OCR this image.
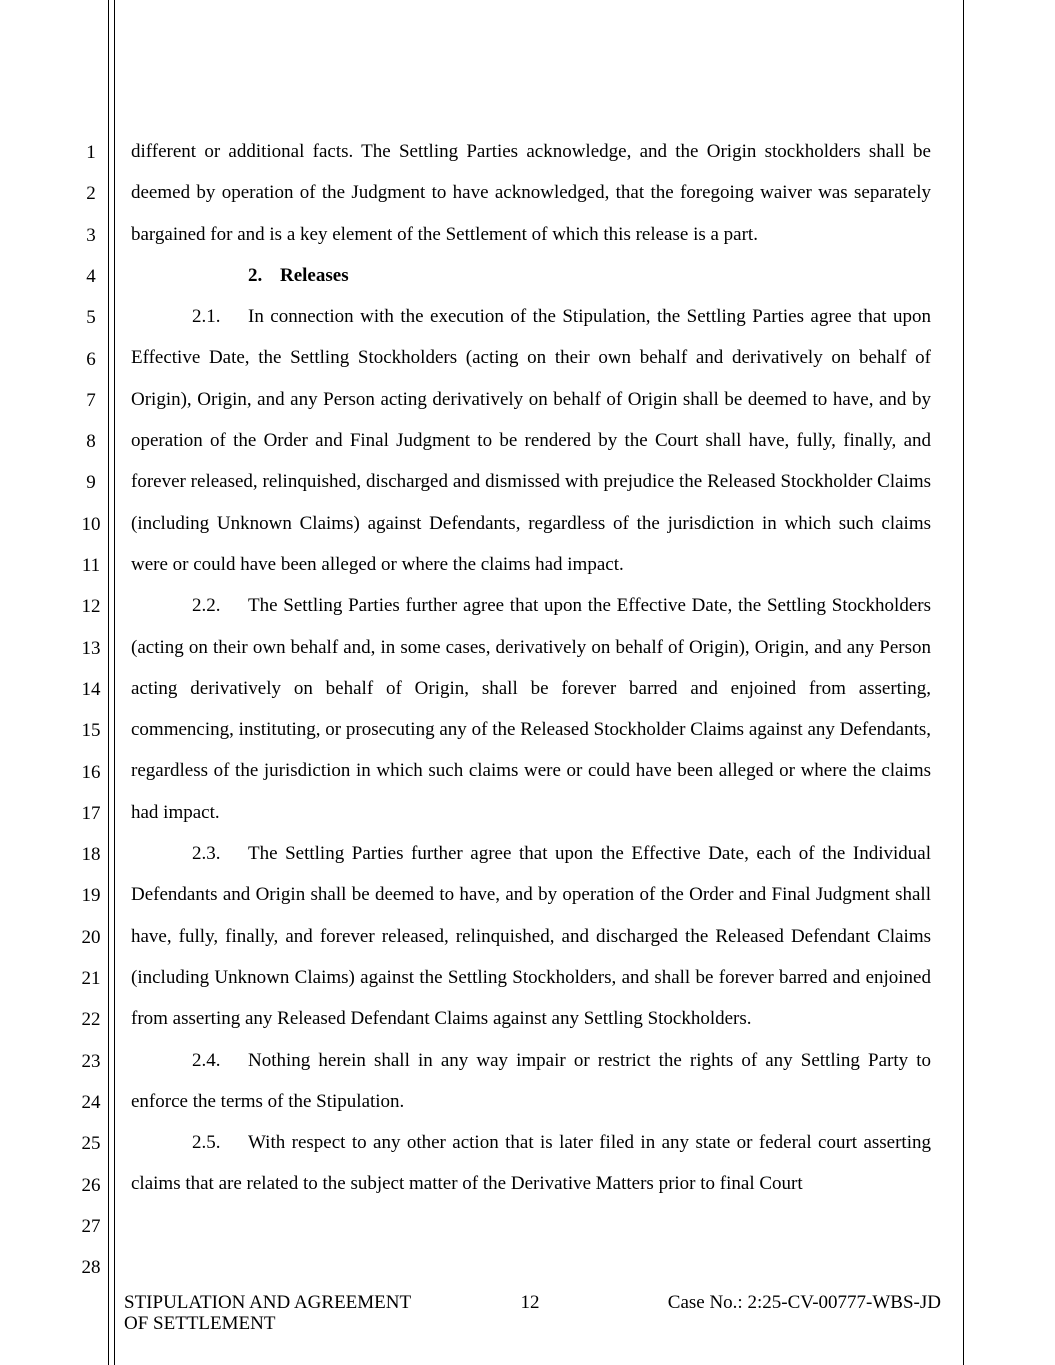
1
2
3
4
5
6
7
8
9
10
11
12
13
14
15
16
17
18
19
20
21
22
23
24
25
26
27
28

different or additional facts. The Settling Parties acknowledge, and the Origin stockholders shall be deemed by operation of the Judgment to have acknowledged, that the foregoing waiver was separately bargained for and is a key element of the Settlement of which this release is a part.

2. Releases

2.1. In connection with the execution of the Stipulation, the Settling Parties agree that upon Effective Date, the Settling Stockholders (acting on their own behalf and derivatively on behalf of Origin), Origin, and any Person acting derivatively on behalf of Origin shall be deemed to have, and by operation of the Order and Final Judgment to be rendered by the Court shall have, fully, finally, and forever released, relinquished, discharged and dismissed with prejudice the Released Stockholder Claims (including Unknown Claims) against Defendants, regardless of the jurisdiction in which such claims were or could have been alleged or where the claims had impact.

2.2. The Settling Parties further agree that upon the Effective Date, the Settling Stockholders (acting on their own behalf and, in some cases, derivatively on behalf of Origin), Origin, and any Person acting derivatively on behalf of Origin, shall be forever barred and enjoined from asserting, commencing, instituting, or prosecuting any of the Released Stockholder Claims against any Defendants, regardless of the jurisdiction in which such claims were or could have been alleged or where the claims had impact.

2.3. The Settling Parties further agree that upon the Effective Date, each of the Individual Defendants and Origin shall be deemed to have, and by operation of the Order and Final Judgment shall have, fully, finally, and forever released, relinquished, and discharged the Released Defendant Claims (including Unknown Claims) against the Settling Stockholders, and shall be forever barred and enjoined from asserting any Released Defendant Claims against any Settling Stockholders.

2.4. Nothing herein shall in any way impair or restrict the rights of any Settling Party to enforce the terms of the Stipulation.

2.5. With respect to any other action that is later filed in any state or federal court asserting claims that are related to the subject matter of the Derivative Matters prior to final Court

STIPULATION AND AGREEMENT
OF SETTLEMENT
12	Case No.: 2:25-CV-00777-WBS-JD
